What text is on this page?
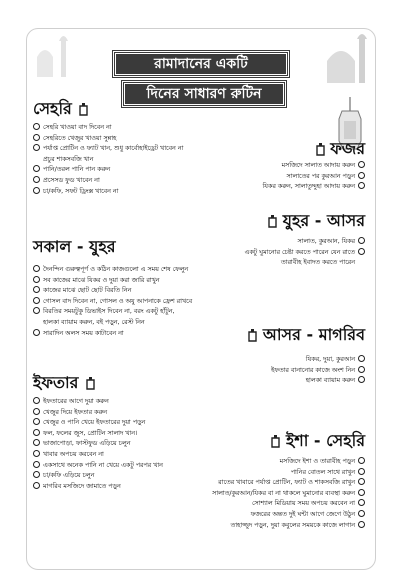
রামাদানের একটি
দিনের সাধারণ রুটিন
সেহরি
সেহরি খাওয়া বাদ দিবেন না
সেহরিতে খেজুর খাওয়া সুন্নাহ
পর্যাপ্ত প্রোটিন ও ফ্যাট খান, শুধু কার্বোহাইড্রেট খাবেন না
প্রচুর শাকসবজি খান
পানি/তরল পানি পান করুন
প্রসেসড ফুড খাবেন না
চা/কফি, সফট ড্রিংক্স খাবেন না
ফজর
মসজিদে সালাত আদায় করুন
সালাতের পর কুরআন পড়ুন
যিকর করুন, সালাতুদ্দুহা আদায় করুন
যুহর - আসর
সালাত, কুরআন, যিকর
একটু ঘুমানোর চেষ্টা করতে পারেন যেন রাতে
তারাবীহ ইবাদত করতে পারেন
সকাল - যুহর
দৈনন্দিন গুরুত্বপূর্ণ ও কঠিন কাজগুলো এ সময় শেষ ফেলুন
সব কাজের মাঝে যিকর ও দুয়া করা জারি রাখুন
কাজের মাঝে ছোট ছোট বিরতি নিন
গোসল বাদ দিবেন না, গোসল ও অযু আপনাকে ফ্রেশ রাখবে
বিরতির সময়টুকু ডিভাইস দিবেন না, বরং একটু হাঁটুন,
হালকা ব্যায়াম করুন, বই পড়ুন, রেস্ট নিন
সারাদিন অলস সময় কাটাবেন না	আসর - মাগরিব
যিকর, দুয়া, কুরআন
ইফতার বানানোর কাজে অংশ নিন
হালকা ব্যায়াম করুন
ইফতার
ইফতারের আগে দুয়া করুন
খেজুর দিয়ে ইফতার করুন
খেজুর ও পানি খেয়ে ইফতারের দুয়া পড়ুন
ফল, ফলের জুস, প্রোটিন সালাদ খান।
ভাজাপোড়া, ফাস্টফুড এড়িয়ে চলুন
খাবার অপচয় করবেন না
একসাথে অনেক পানি না খেয়ে একটু পরপর খান
চা/কফি এড়িয়ে চলুন
মাগরিব মসজিদে জামাতে পড়ুন
ইশা - সেহরি
মসজিদে ইশা ও তারাবীহ পড়ুন
পানির বোতল সাথে রাখুন
রাতের খাবারে পর্যাপ্ত প্রোটিন, ফ্যাট ও শাকসবজি রাখুন
সালাত/কুরআন/যিকর বা না থাকলে ঘুমানোর ব্যবস্থা করুন
সোশ্যাল মিডিয়ায় সময় অপচয় করবেন না
ফজরের অন্তত দুই ঘন্টা আগে জেগে উঠুন
তাহাজ্জুদ পড়ুন, দুয়া কবুলের সময়কে কাজে লাগান
